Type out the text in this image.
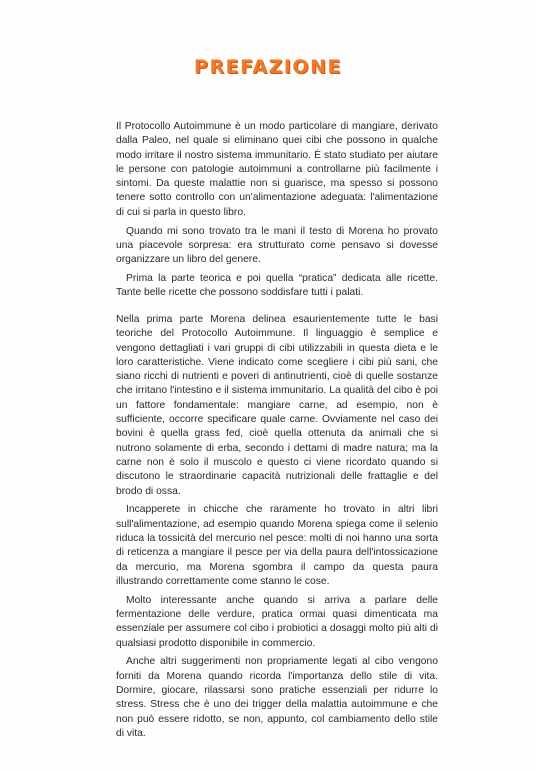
PREFAZIONE

Il Protocollo Autoimmune è un modo particolare di mangiare, derivato dalla Paleo, nel quale si eliminano quei cibi che possono in qualche modo irritare il nostro sistema immunitario. È stato studiato per aiutare le persone con patologie autoimmuni a controllarne più facilmente i sintomi. Da queste malattie non si guarisce, ma spesso si possono tenere sotto controllo con un'alimentazione adeguata: l'alimentazione di cui si parla in questo libro.

Quando mi sono trovato tra le mani il testo di Morena ho provato una piacevole sorpresa: era strutturato come pensavo si dovesse organizzare un libro del genere.

Prima la parte teorica e poi quella “pratica” dedicata alle ricette. Tante belle ricette che possono soddisfare tutti i palati.

Nella prima parte Morena delinea esaurientemente tutte le basi teoriche del Protocollo Autoimmune. Il linguaggio è semplice e vengono dettagliati i vari gruppi di cibi utilizzabili in questa dieta e le loro caratteristiche. Viene indicato come scegliere i cibi più sani, che siano ricchi di nutrienti e poveri di antinutrienti, cioè di quelle sostanze che irritano l'intestino e il sistema immunitario. La qualità del cibo è poi un fattore fondamentale: mangiare carne, ad esempio, non è sufficiente, occorre specificare quale carne. Ovviamente nel caso dei bovini è quella grass fed, cioè quella ottenuta da animali che si nutrono solamente di erba, secondo i dettami di madre natura; ma la carne non è solo il muscolo e questo ci viene ricordato quando si discutono le straordinarie capacità nutrizionali delle frattaglie e del brodo di ossa.

Incapperete in chicche che raramente ho trovato in altri libri sull'alimentazione, ad esempio quando Morena spiega come il selenio riduca la tossicità del mercurio nel pesce: molti di noi hanno una sorta di reticenza a mangiare il pesce per via della paura dell'intossicazione da mercurio, ma Morena sgombra il campo da questa paura illustrando correttamente come stanno le cose.

Molto interessante anche quando si arriva a parlare delle fermentazione delle verdure, pratica ormai quasi dimenticata ma essenziale per assumere col cibo i probiotici a dosaggi molto più alti di qualsiasi prodotto disponibile in commercio.

Anche altri suggerimenti non propriamente legati al cibo vengono forniti da Morena quando ricorda l'importanza dello stile di vita. Dormire, giocare, rilassarsi sono pratiche essenziali per ridurre lo stress. Stress che è uno dei trigger della malattia autoimmune e che non può essere ridotto, se non, appunto, col cambiamento dello stile di vita.
